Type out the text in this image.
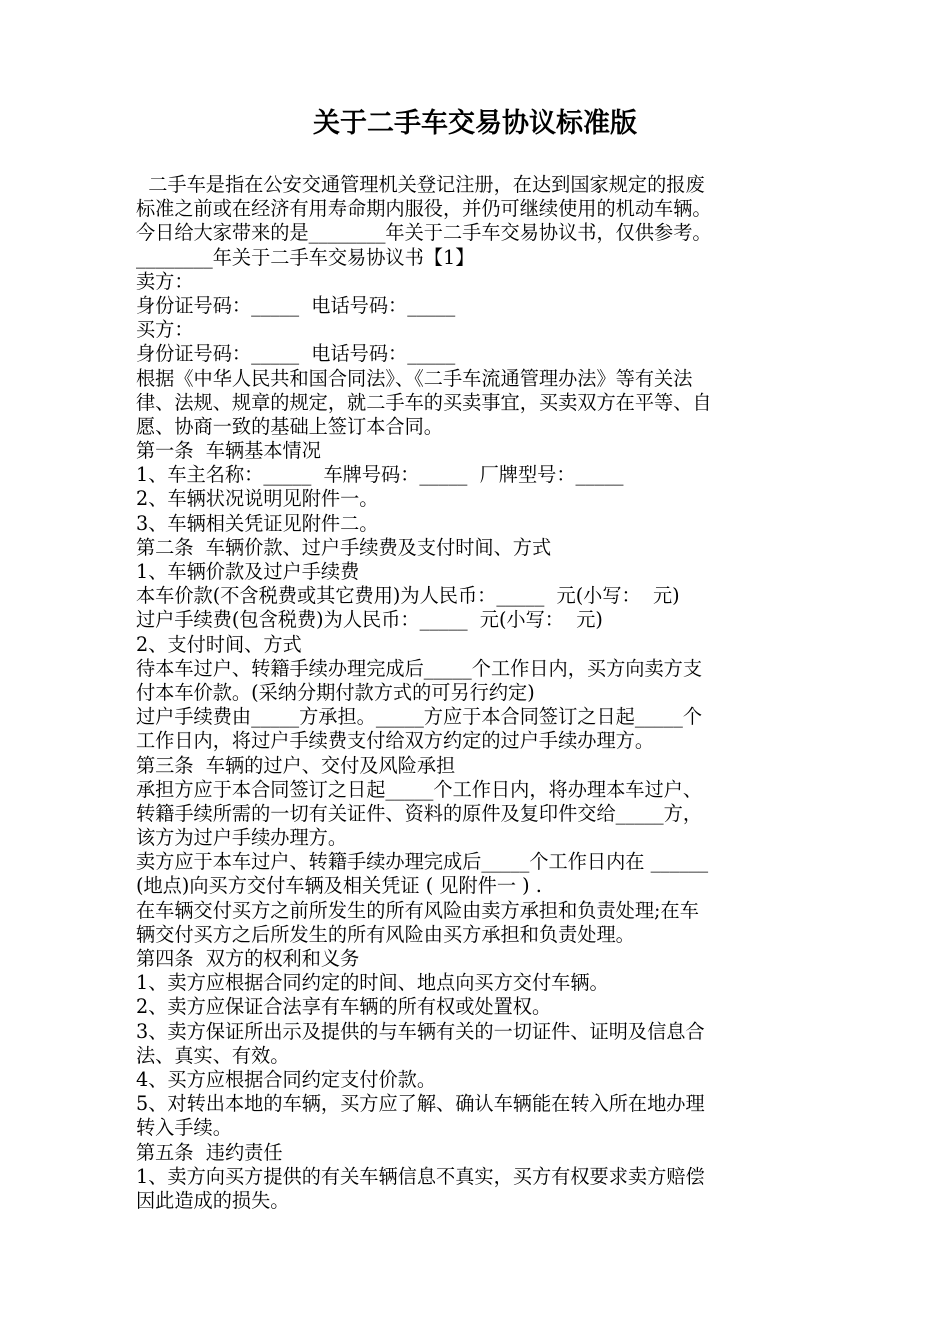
关于二手车交易协议标准版
二手车是指在公安交通管理机关登记注册，在达到国家规定的报废
标准之前或在经济有用寿命期内服役，并仍可继续使用的机动车辆。
今日给大家带来的是________年关于二手车交易协议书，仅供参考。
________年关于二手车交易协议书【1】
卖方：
身份证号码：_____  电话号码：_____
买方：
身份证号码：_____  电话号码：_____
根据《中华人民共和国合同法》、《二手车流通管理办法》等有关法
律、法规、规章的规定，就二手车的买卖事宜，买卖双方在平等、自
愿、协商一致的基础上签订本合同。
第一条  车辆基本情况
1、车主名称：_____  车牌号码：_____  厂牌型号：_____
2、车辆状况说明见附件一。
3、车辆相关凭证见附件二。
第二条  车辆价款、过户手续费及支付时间、方式
1、车辆价款及过户手续费
本车价款(不含税费或其它费用)为人民币：_____  元(小写：  元)
过户手续费(包含税费)为人民币：_____  元(小写：  元)
2、支付时间、方式
待本车过户、转籍手续办理完成后_____个工作日内，买方向卖方支
付本车价款。(采纳分期付款方式的可另行约定)
过户手续费由_____方承担。_____方应于本合同签订之日起_____个
工作日内，将过户手续费支付给双方约定的过户手续办理方。
第三条  车辆的过户、交付及风险承担
承担方应于本合同签订之日起_____个工作日内，将办理本车过户、
转籍手续所需的一切有关证件、资料的原件及复印件交给_____方，
该方为过户手续办理方。
卖方应于本车过户、转籍手续办理完成后_____个工作日内在 ______
(地点)向买方交付车辆及相关凭证 ( 见附件一 ) .
在车辆交付买方之前所发生的所有风险由卖方承担和负责处理;在车
辆交付买方之后所发生的所有风险由买方承担和负责处理。
第四条  双方的权利和义务
1、卖方应根据合同约定的时间、地点向买方交付车辆。
2、卖方应保证合法享有车辆的所有权或处置权。
3、卖方保证所出示及提供的与车辆有关的一切证件、证明及信息合
法、真实、有效。
4、买方应根据合同约定支付价款。
5、对转出本地的车辆，买方应了解、确认车辆能在转入所在地办理
转入手续。
第五条  违约责任
1、卖方向买方提供的有关车辆信息不真实，买方有权要求卖方赔偿
因此造成的损失。
